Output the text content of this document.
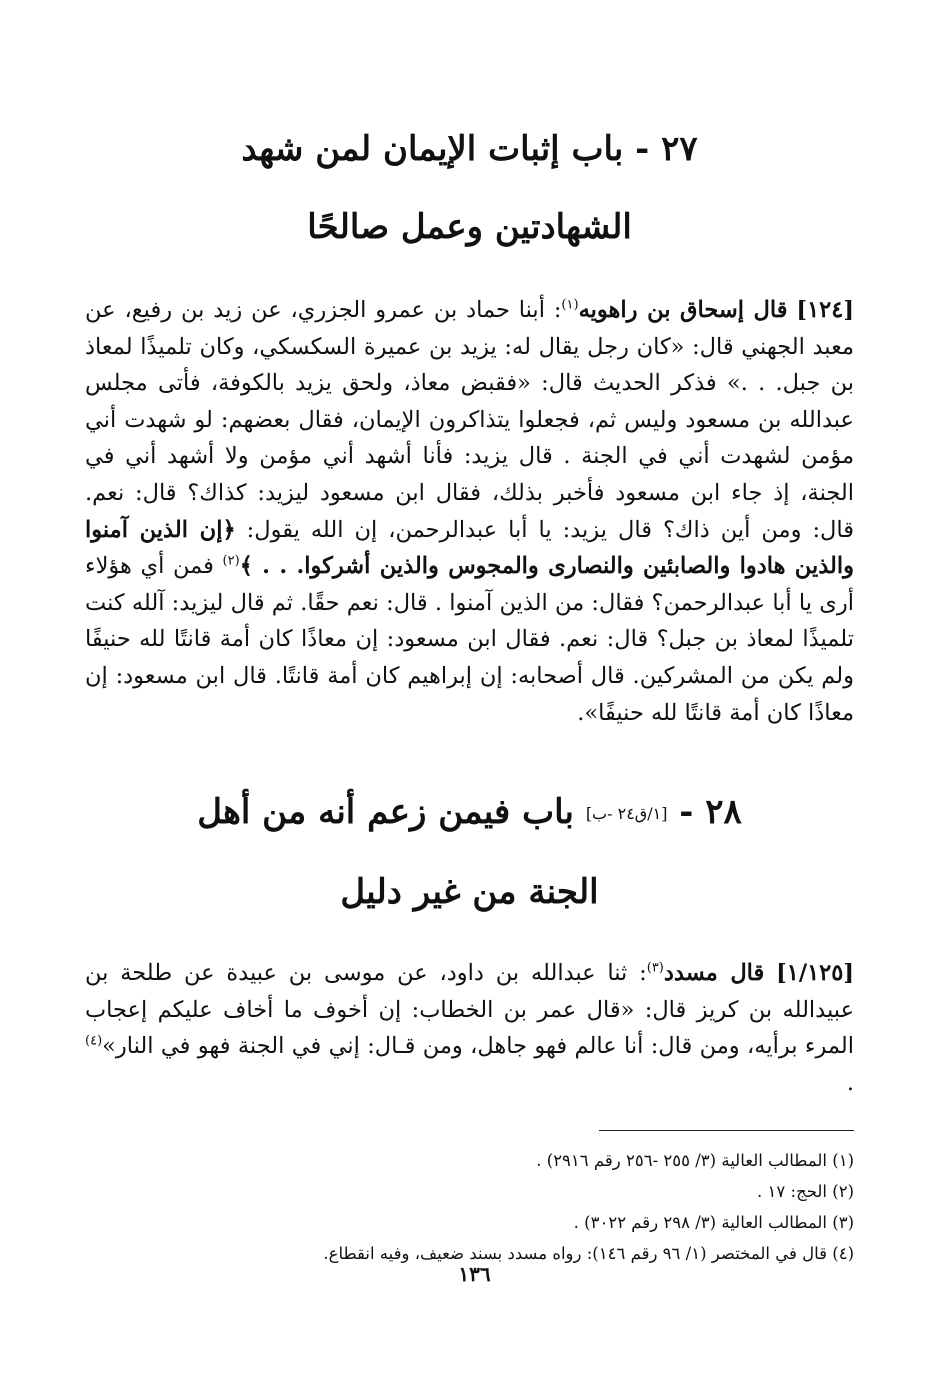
٢٧ - باب إثبات الإيمان لمن شهد
الشهادتين وعمل صالحًا

[١٢٤] قال إسحاق بن راهويه$^{(١)}$: أبنا حماد بن عمرو الجزري، عن زيد بن رفيع، عن معبد الجهني قال: «كان رجل يقال له: يزيد بن عميرة السكسكي، وكان تلميذًا لمعاذ بن جبل. . .» فذكر الحديث قال: «فقبض معاذ، ولحق يزيد بالكوفة، فأتى مجلس عبدالله بن مسعود وليس ثم، فجعلوا يتذاكرون الإيمان، فقال بعضهم: لو شهدت أني مؤمن لشهدت أني في الجنة . قال يزيد: فأنا أشهد أني مؤمن ولا أشهد أني في الجنة، إذ جاء ابن مسعود فأخبر بذلك، فقال ابن مسعود ليزيد: كذاك؟ قال: نعم. قال: ومن أين ذاك؟ قال يزيد: يا أبا عبدالرحمن، إن الله يقول: ﴿إن الذين آمنوا والذين هادوا والصابئين والنصارى والمجوس والذين أشركوا. . . ﴾$^{(٢)}$ فمن أي هؤلاء أرى يا أبا عبدالرحمن؟ فقال: من الذين آمنوا . قال: نعم حقًا. ثم قال ليزيد: آلله كنت تلميذًا لمعاذ بن جبل؟ قال: نعم. فقال ابن مسعود: إن معاذًا كان أمة قانتًا لله حنيفًا ولم يكن من المشركين. قال أصحابه: إن إبراهيم كان أمة قانتًا. قال ابن مسعود: إن معاذًا كان أمة قانتًا لله حنيفًا».

٢٨ - [١/ق٢٤ -ب] باب فيمن زعم أنه من أهل
الجنة من غير دليل

[١/١٢٥] قال مسدد$^{(٣)}$: ثنا عبدالله بن داود، عن موسى بن عبيدة عن طلحة بن عبيدالله بن كريز قال: «قال عمر بن الخطاب: إن أخوف ما أخاف عليكم إعجاب المرء برأيه، ومن قال: أنا عالم فهو جاهل، ومن قـال: إني في الجنة فهو في النار»$^{(٤)}$ .

(١) المطالب العالية (٣/ ٢٥٥ -٢٥٦ رقم ٢٩١٦) .
(٢) الحج: ١٧ .
(٣) المطالب العالية (٣/ ٢٩٨ رقم ٣٠٢٢) .
(٤) قال في المختصر (١/ ٩٦ رقم ١٤٦): رواه مسدد بسند ضعيف، وفيه انقطاع.
١٣٦
